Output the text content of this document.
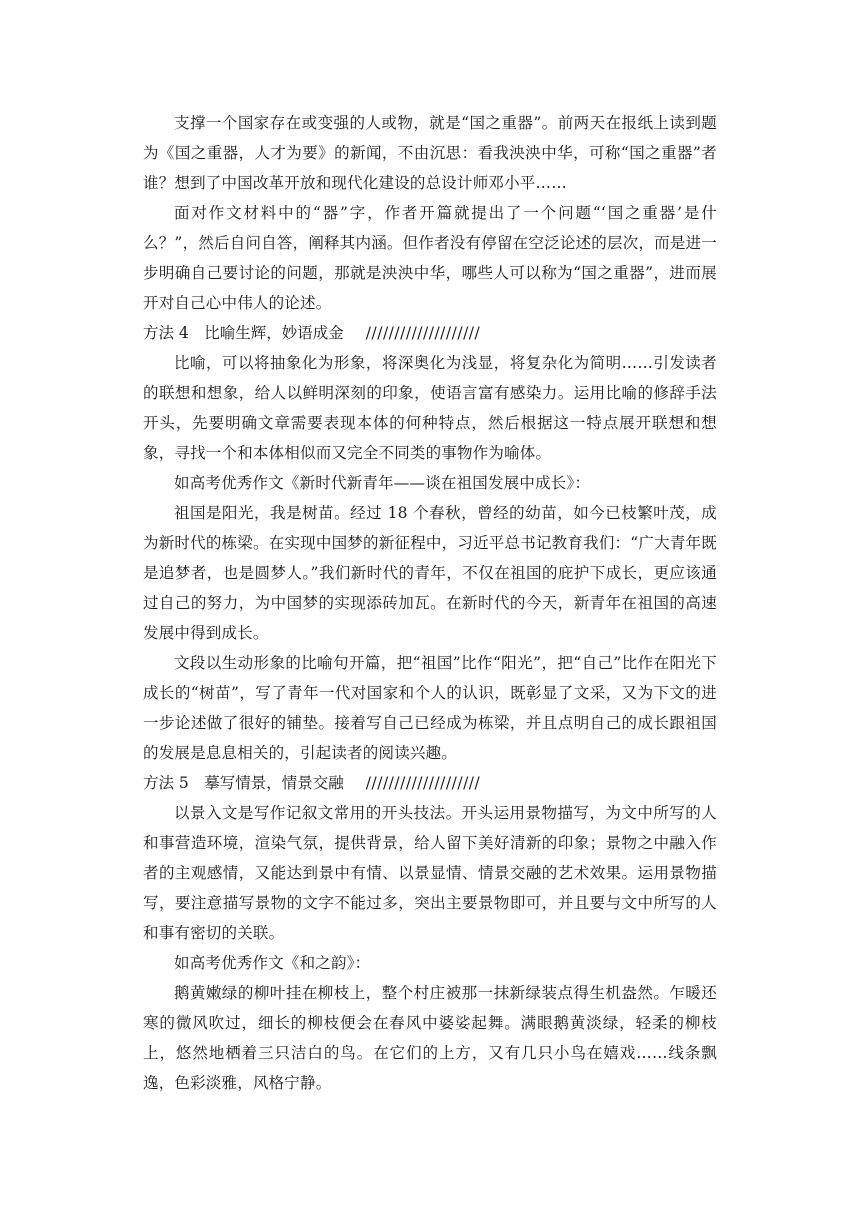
支撑一个国家存在或变强的人或物，就是“国之重器”。前两天在报纸上读到题为《国之重器，人才为要》的新闻，不由沉思：看我泱泱中华，可称“国之重器”者谁？想到了中国改革开放和现代化建设的总设计师邓小平……

面对作文材料中的“器”字，作者开篇就提出了一个问题“‘国之重器’是什么？”，然后自问自答，阐释其内涵。但作者没有停留在空泛论述的层次，而是进一步明确自己要讨论的问题，那就是泱泱中华，哪些人可以称为“国之重器”，进而展开对自己心中伟人的论述。

方法 4　比喻生辉，妙语成金 ////////////////////

比喻，可以将抽象化为形象，将深奥化为浅显，将复杂化为简明……引发读者的联想和想象，给人以鲜明深刻的印象，使语言富有感染力。运用比喻的修辞手法开头，先要明确文章需要表现本体的何种特点，然后根据这一特点展开联想和想象，寻找一个和本体相似而又完全不同类的事物作为喻体。

如高考优秀作文《新时代新青年——谈在祖国发展中成长》：

祖国是阳光，我是树苗。经过 18 个春秋，曾经的幼苗，如今已枝繁叶茂，成为新时代的栋梁。在实现中国梦的新征程中，习近平总书记教育我们：“广大青年既是追梦者，也是圆梦人。”我们新时代的青年，不仅在祖国的庇护下成长，更应该通过自己的努力，为中国梦的实现添砖加瓦。在新时代的今天，新青年在祖国的高速发展中得到成长。

文段以生动形象的比喻句开篇，把“祖国”比作“阳光”，把“自己”比作在阳光下成长的“树苗”，写了青年一代对国家和个人的认识，既彰显了文采，又为下文的进一步论述做了很好的铺垫。接着写自己已经成为栋梁，并且点明自己的成长跟祖国的发展是息息相关的，引起读者的阅读兴趣。

方法 5　摹写情景，情景交融 ////////////////////

以景入文是写作记叙文常用的开头技法。开头运用景物描写，为文中所写的人和事营造环境，渲染气氛，提供背景，给人留下美好清新的印象；景物之中融入作者的主观感情，又能达到景中有情、以景显情、情景交融的艺术效果。运用景物描写，要注意描写景物的文字不能过多，突出主要景物即可，并且要与文中所写的人和事有密切的关联。

如高考优秀作文《和之韵》：

鹅黄嫩绿的柳叶挂在柳枝上，整个村庄被那一抹新绿装点得生机盎然。乍暖还寒的微风吹过，细长的柳枝便会在春风中婆娑起舞。满眼鹅黄淡绿，轻柔的柳枝上，悠然地栖着三只洁白的鸟。在它们的上方，又有几只小鸟在嬉戏……线条飘逸，色彩淡雅，风格宁静。
